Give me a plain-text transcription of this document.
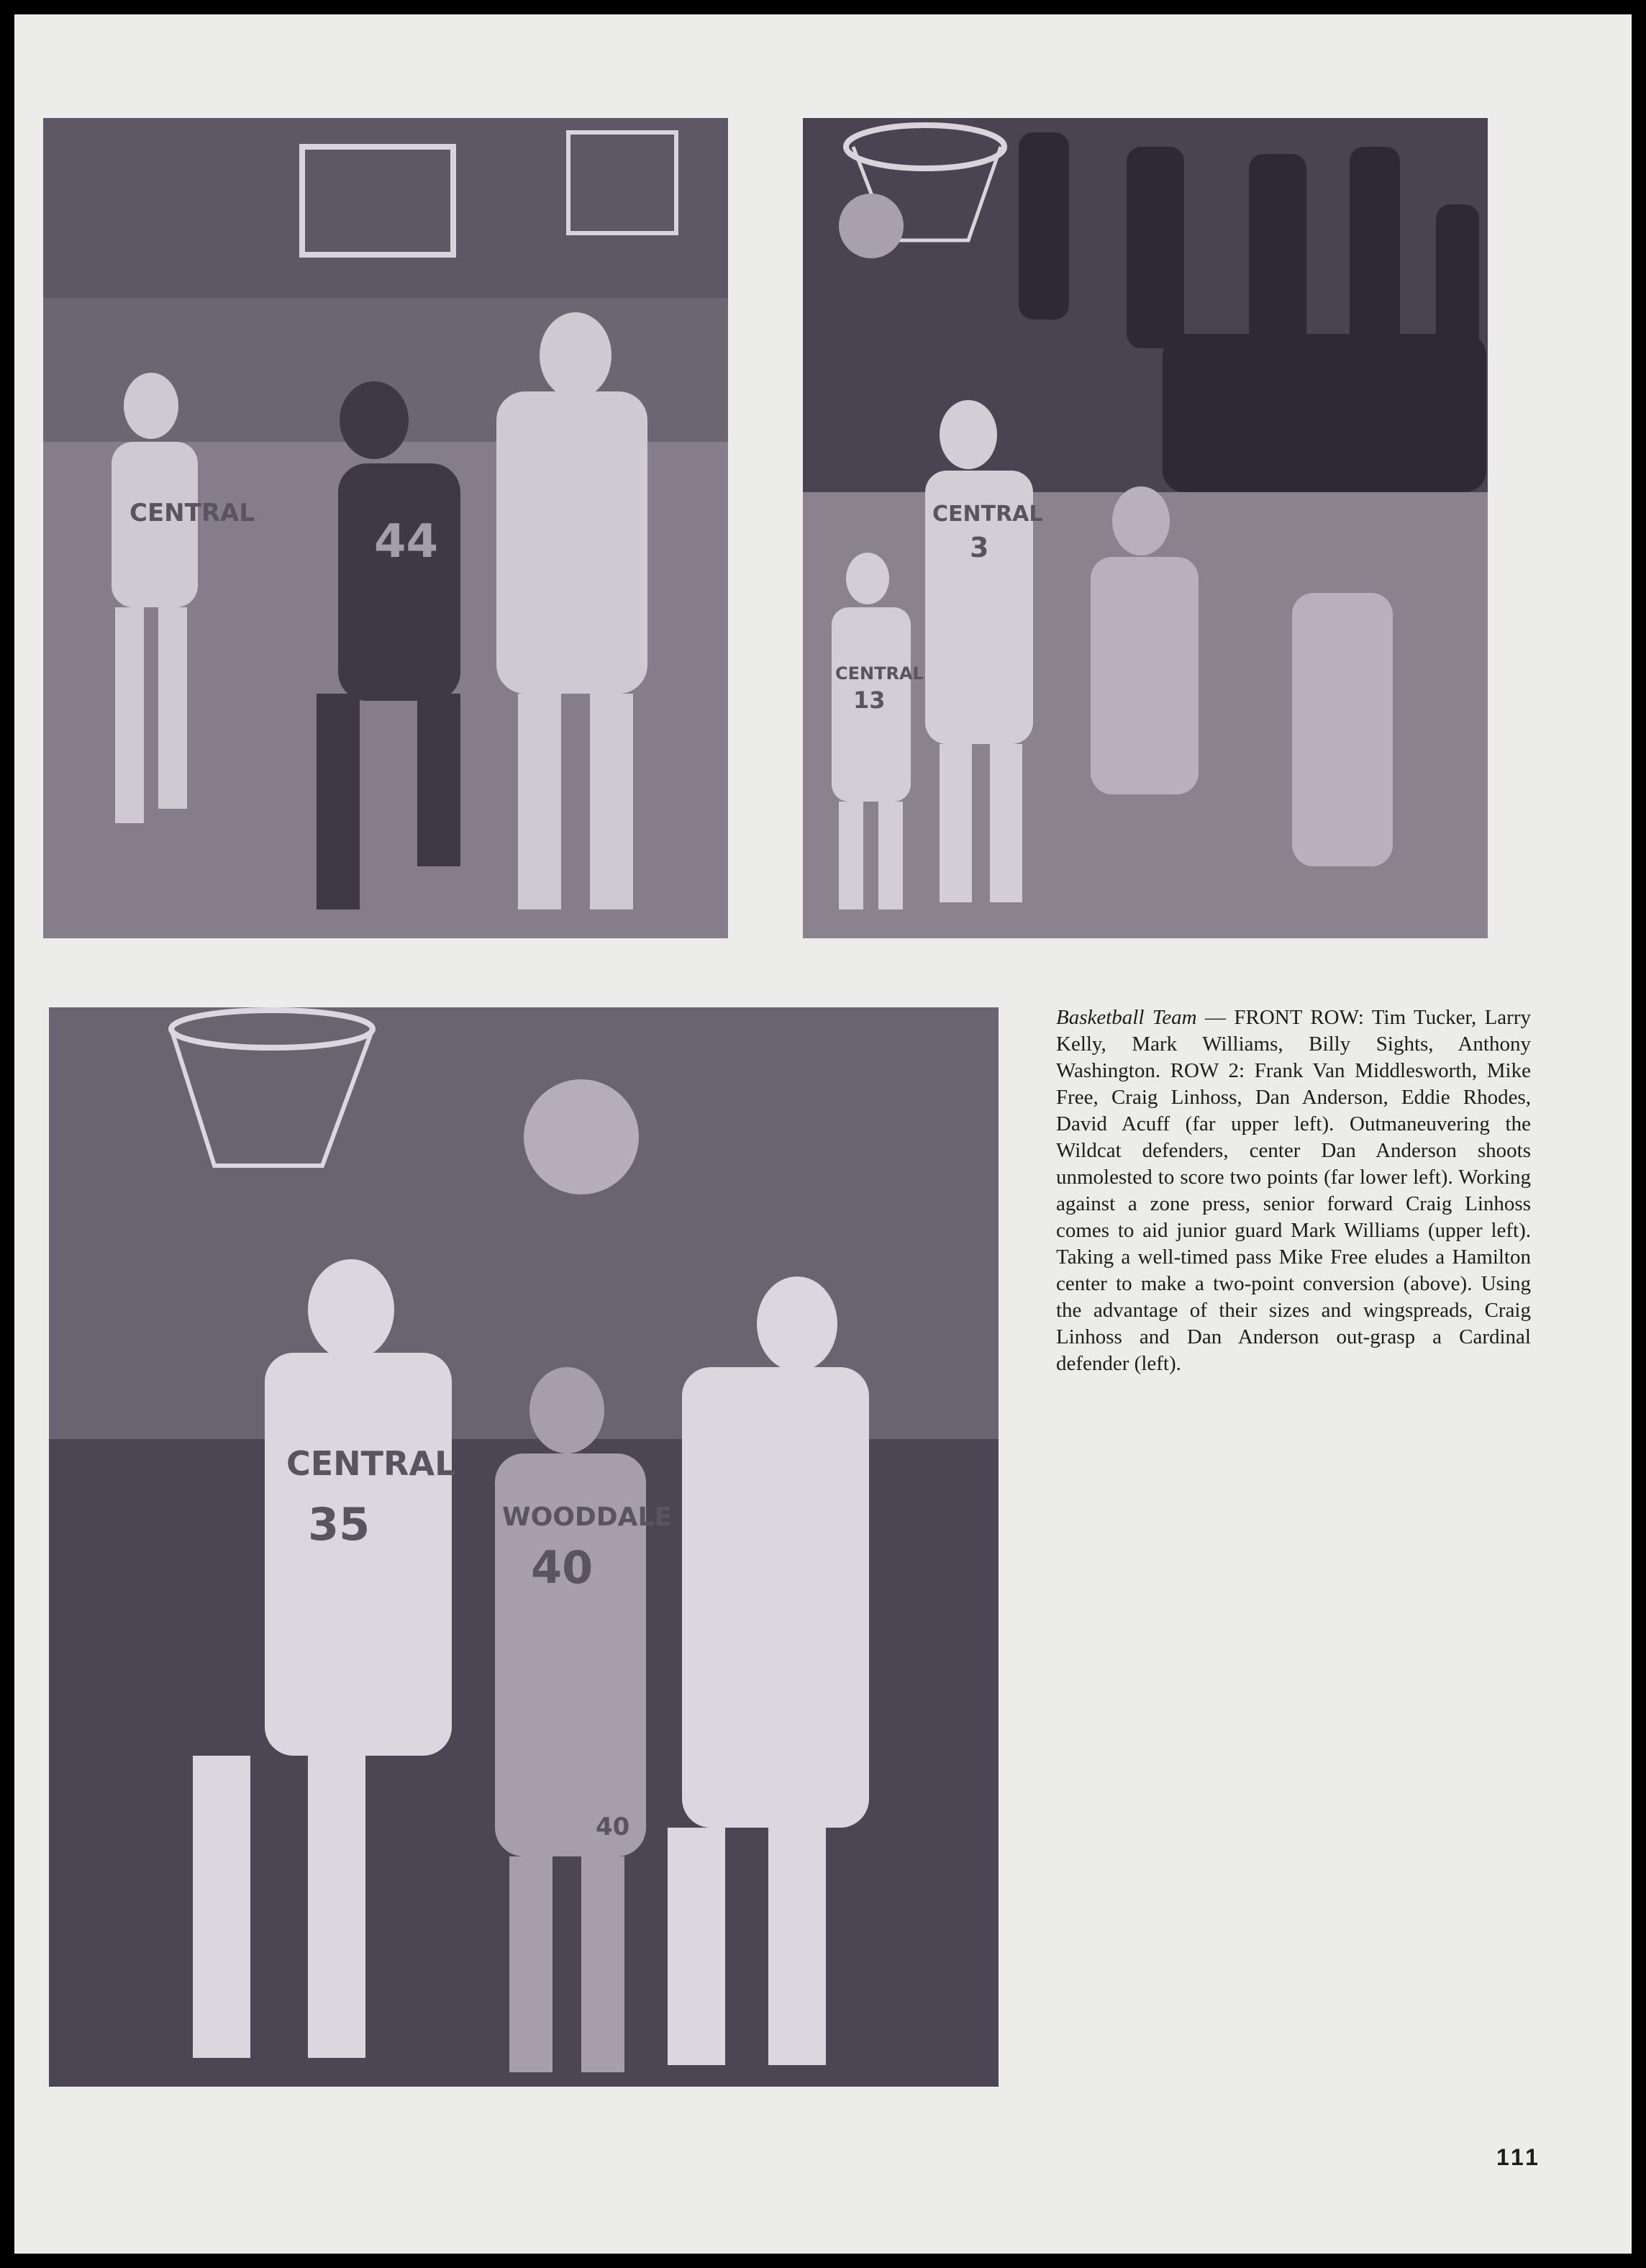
CENTRAL
44
CENTRAL
3
CENTRAL
13
CENTRAL
35	WOODDALE
40
40
Basketball Team — FRONT ROW: Tim Tucker, Larry Kelly, Mark Williams, Billy Sights, Anthony Washington. ROW 2: Frank Van Middlesworth, Mike Free, Craig Linhoss, Dan Anderson, Eddie Rhodes, David Acuff (far upper left). Outmaneuvering the Wildcat defenders, center Dan Anderson shoots unmolested to score two points (far lower left). Working against a zone press, senior forward Craig Linhoss comes to aid junior guard Mark Williams (upper left). Taking a well-timed pass Mike Free eludes a Hamilton center to make a two-point conversion (above). Using the advantage of their sizes and wingspreads, Craig Linhoss and Dan Anderson out-grasp a Cardinal defender (left).
111
